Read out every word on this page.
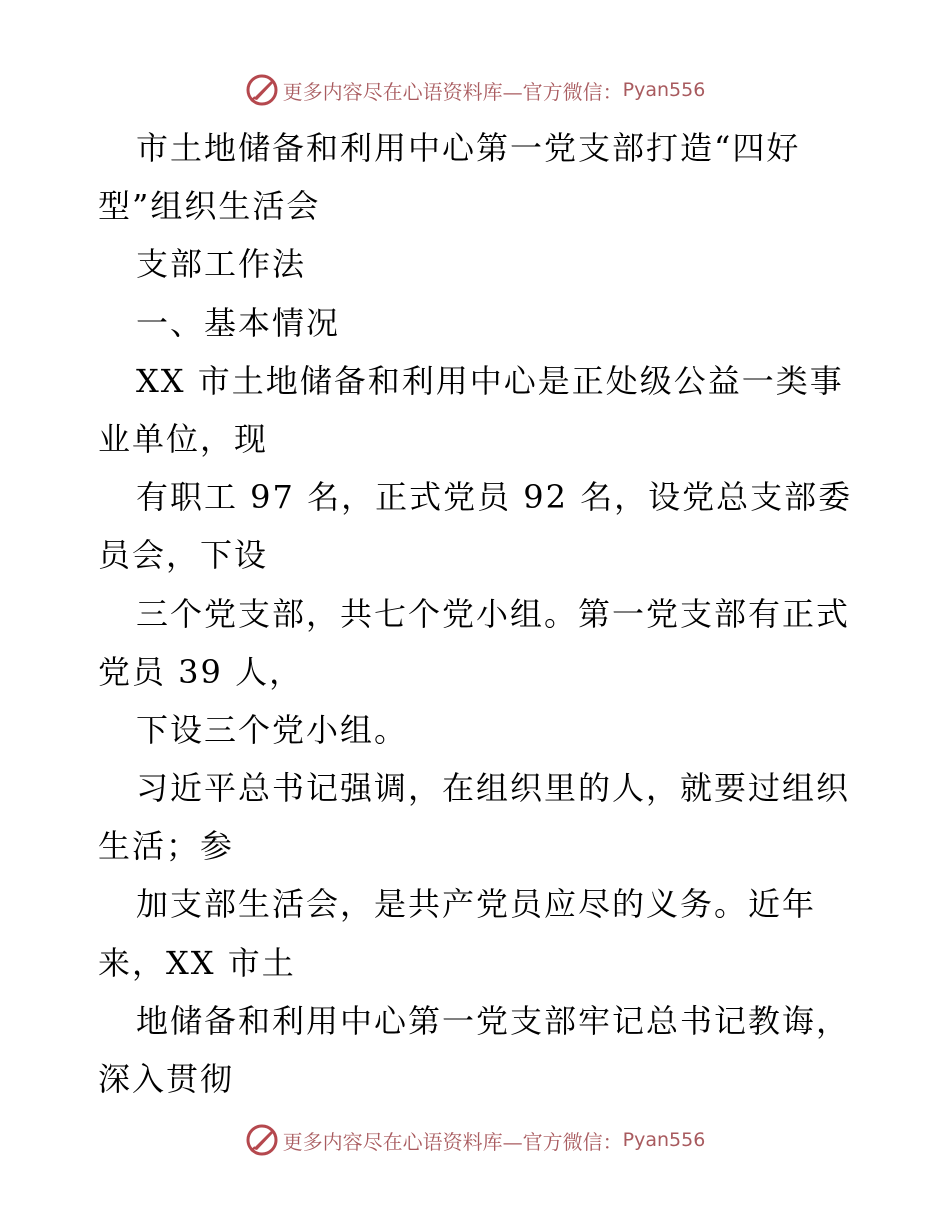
更多内容尽在心语资料库—官方微信： Pyan556
市土地储备和利用中心第一党支部打造“四好
型”组织生活会
支部工作法
一、基本情况
XX 市土地储备和利用中心是正处级公益一类事
业单位，现
有职工 97 名，正式党员 92 名，设党总支部委
员会，下设
三个党支部，共七个党小组。第一党支部有正式
党员 39 人，
下设三个党小组。
习近平总书记强调，在组织里的人，就要过组织
生活；参
加支部生活会，是共产党员应尽的义务。近年
来，XX 市土
地储备和利用中心第一党支部牢记总书记教诲，
深入贯彻
更多内容尽在心语资料库—官方微信： Pyan556
